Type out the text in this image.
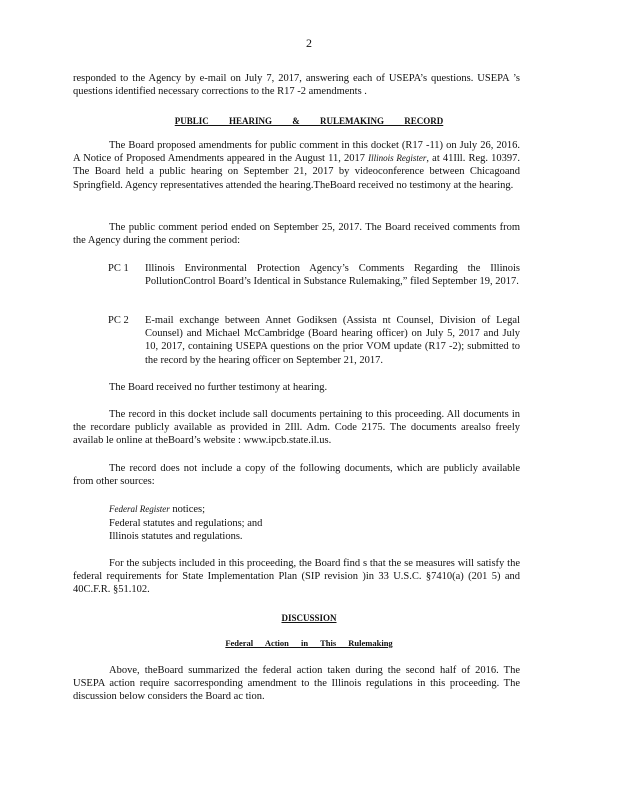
2

responded to the Agency by e-mail on July 7, 2017, answering each of USEPA’s questions. USEPA ’s questions identified necessary corrections to the R17 -2 amendments .

PUBLIC HEARING & RULEMAKING RECORD

The Board proposed amendments for public comment in this docket (R17 -11) on July 26, 2016. A Notice of Proposed Amendments appeared in the August 11, 2017 Illinois Register, at 41Ill. Reg. 10397. The Board held a public hearing on September 21, 2017 by videoconference between Chicagoand Springfield. Agency representatives attended the hearing.TheBoard received no testimony at the hearing.

The public comment period ended on September 25, 2017. The Board received comments from the Agency during the comment period:

PC 1	Illinois Environmental Protection Agency’s Comments Regarding the Illinois PollutionControl Board’s Identical in Substance Rulemaking,” filed September 19, 2017.
PC 2	E-mail exchange between Annet Godiksen (Assista nt Counsel, Division of Legal Counsel) and Michael McCambridge (Board hearing officer) on July 5, 2017 and July 10, 2017, containing USEPA questions on the prior VOM update (R17 -2); submitted to the record by the hearing officer on September 21, 2017.

The Board received no further testimony at hearing.

The record in this docket include sall documents pertaining to this proceeding. All documents in the recordare publicly available as provided in 2Ill. Adm. Code 2175. The documents arealso freely availab le online at theBoard’s website : www.ipcb.state.il.us.

The record does not include a copy of the following documents, which are publicly available from other sources:

Federal Register notices;
Federal statutes and regulations; and
Illinois statutes and regulations.

For the subjects included in this proceeding, the Board find s that the se measures will satisfy the federal requirements for State Implementation Plan (SIP revision )in 33 U.S.C. §7410(a) (201 5) and 40C.F.R. §51.102.

DISCUSSION
Federal Action in This Rulemaking

Above, theBoard summarized the federal action taken during the second half of 2016. The USEPA action require sacorresponding amendment to the Illinois regulations in this proceeding. The discussion below considers the Board ac tion.
